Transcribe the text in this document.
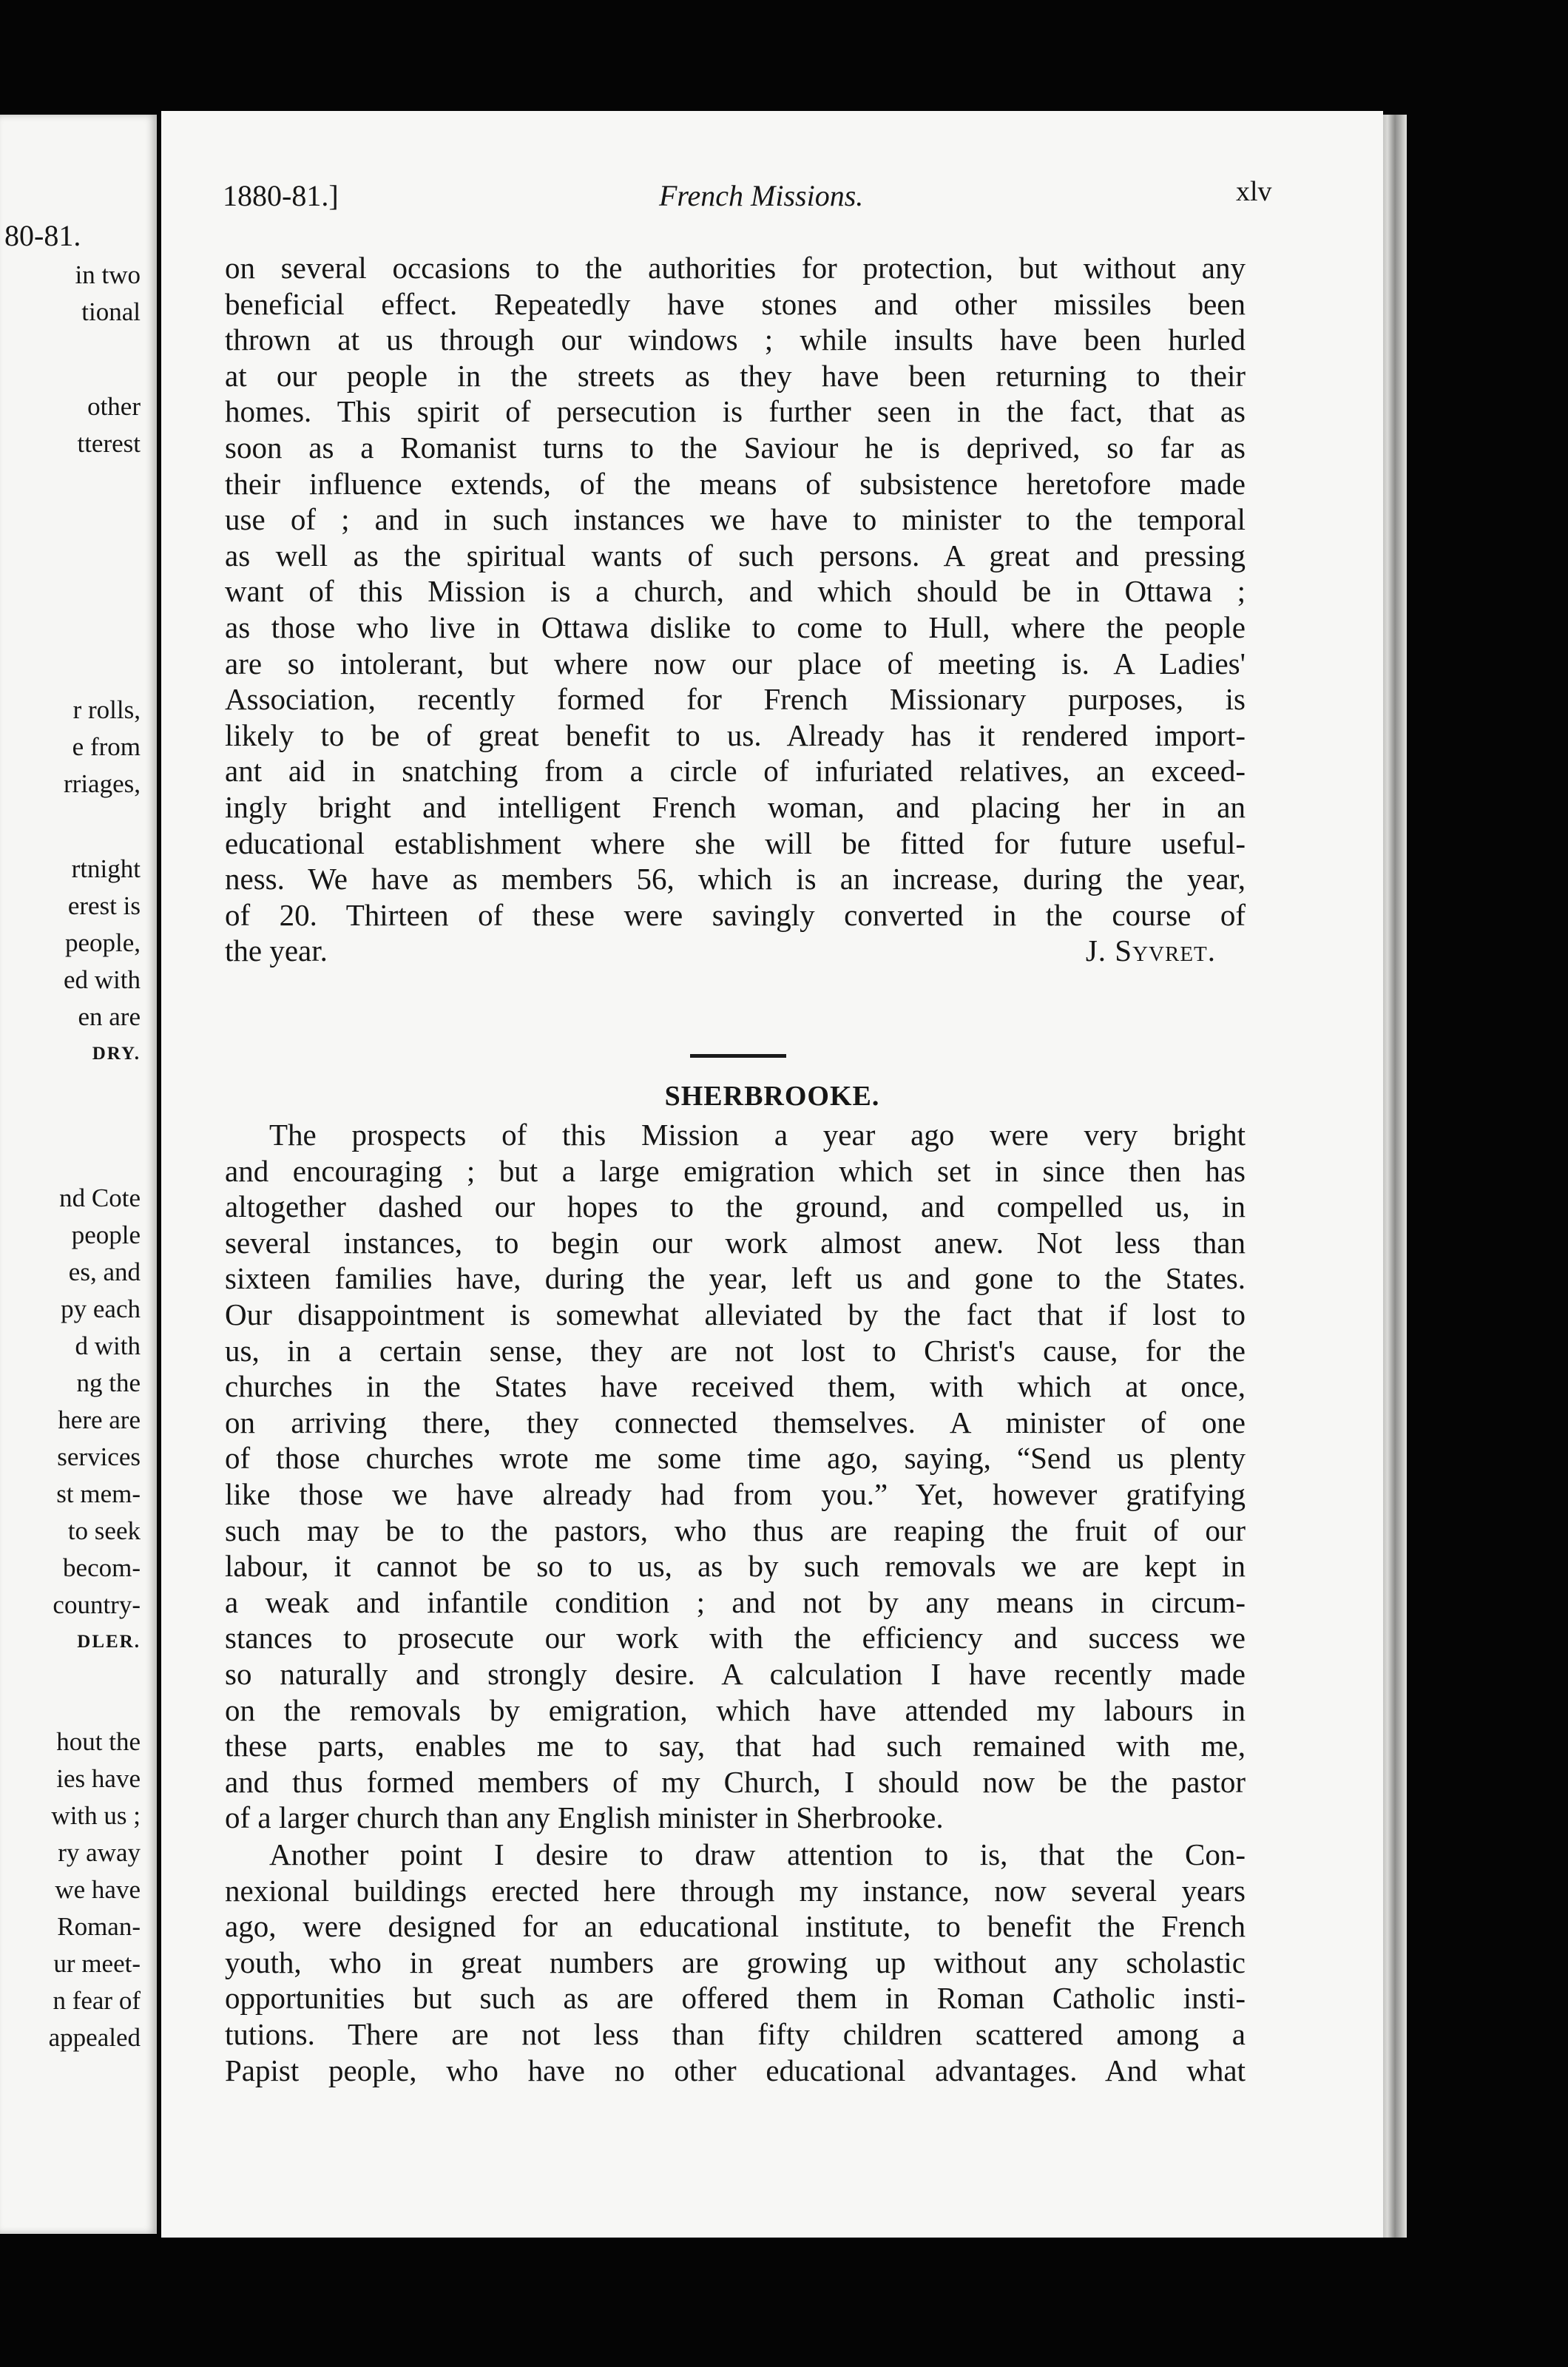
80-81.
in two
tional
other
tterest
r rolls,
e from
rriages,
rtnight
erest is
people,
ed with
en are
DRY.
nd Cote
people
es, and
py each
d with
ng the
here are
services
st mem-
to seek
becom-
country-
DLER.
hout the
ies have
with us ;
ry away
we have
Roman-
ur meet-
n fear of
appealed
1880-81.]	French Missions.	xlv
on several occasions to the authorities for protection, but without any
beneficial effect. Repeatedly have stones and other missiles been
thrown at us through our windows ; while insults have been hurled
at our people in the streets as they have been returning to their
homes. This spirit of persecution is further seen in the fact, that as
soon as a Romanist turns to the Saviour he is deprived, so far as
their influence extends, of the means of subsistence heretofore made
use of ; and in such instances we have to minister to the temporal
as well as the spiritual wants of such persons. A great and pressing
want of this Mission is a church, and which should be in Ottawa ;
as those who live in Ottawa dislike to come to Hull, where the people
are so intolerant, but where now our place of meeting is. A Ladies'
Association, recently formed for French Missionary purposes, is
likely to be of great benefit to us. Already has it rendered import-
ant aid in snatching from a circle of infuriated relatives, an exceed-
ingly bright and intelligent French woman, and placing her in an
educational establishment where she will be fitted for future useful-
ness. We have as members 56, which is an increase, during the year,
of 20. Thirteen of these were savingly converted in the course of
the year.	J. Syvret.
SHERBROOKE.
The prospects of this Mission a year ago were very bright
and encouraging ; but a large emigration which set in since then has
altogether dashed our hopes to the ground, and compelled us, in
several instances, to begin our work almost anew. Not less than
sixteen families have, during the year, left us and gone to the States.
Our disappointment is somewhat alleviated by the fact that if lost to
us, in a certain sense, they are not lost to Christ's cause, for the
churches in the States have received them, with which at once,
on arriving there, they connected themselves. A minister of one
of those churches wrote me some time ago, saying, “Send us plenty
like those we have already had from you.” Yet, however gratifying
such may be to the pastors, who thus are reaping the fruit of our
labour, it cannot be so to us, as by such removals we are kept in
a weak and infantile condition ; and not by any means in circum-
stances to prosecute our work with the efficiency and success we
so naturally and strongly desire. A calculation I have recently made
on the removals by emigration, which have attended my labours in
these parts, enables me to say, that had such remained with me,
and thus formed members of my Church, I should now be the pastor
of a larger church than any English minister in Sherbrooke.
Another point I desire to draw attention to is, that the Con-
nexional buildings erected here through my instance, now several years
ago, were designed for an educational institute, to benefit the French
youth, who in great numbers are growing up without any scholastic
opportunities but such as are offered them in Roman Catholic insti-
tutions. There are not less than fifty children scattered among a
Papist people, who have no other educational advantages. And what
